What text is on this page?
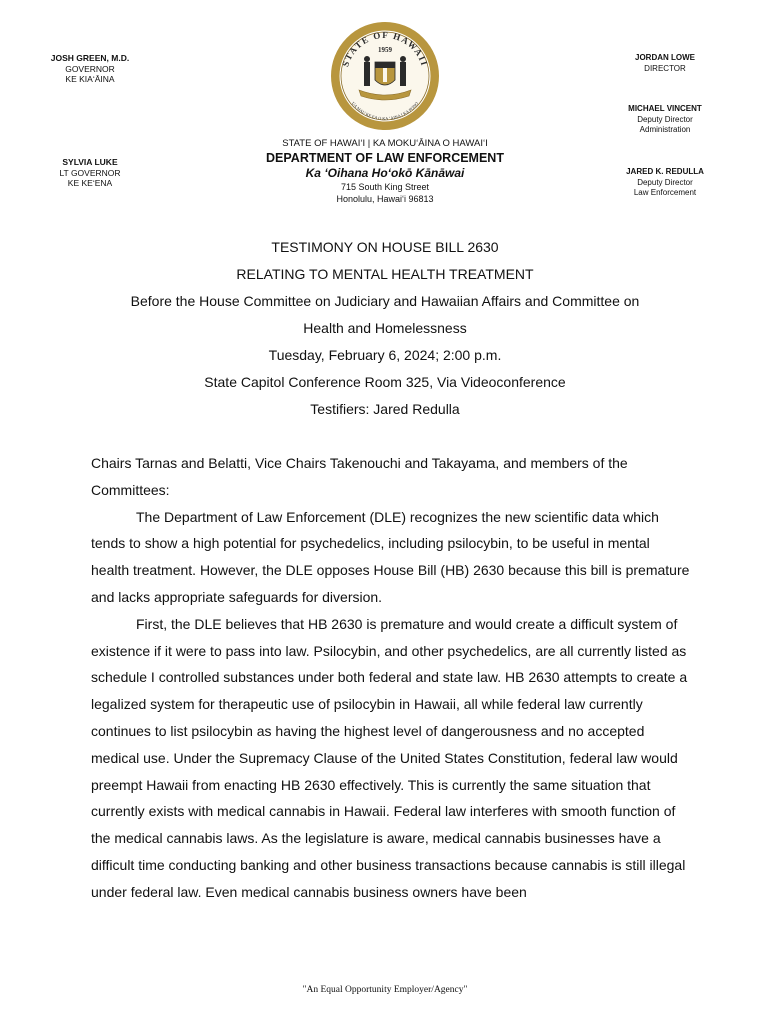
JOSH GREEN, M.D.
GOVERNOR
KE KIAʻĀINA
SYLVIA LUKE
LT GOVERNOR
KE KEʻENA
JORDAN LOWE
DIRECTOR
MICHAEL VINCENT
Deputy Director
Administration
JARED K. REDULLA
Deputy Director
Law Enforcement
STATE OF HAWAII
1959
UA MAU KE EA O KA ʻAINA I KA PONO
STATE OF HAWAIʻI | KA MOKUʻĀINA O HAWAIʻI
DEPARTMENT OF LAW ENFORCEMENT
Ka ʻOihana Hoʻokō Kānāwai
715 South King Street
Honolulu, Hawaiʻi 96813
TESTIMONY ON HOUSE BILL 2630
RELATING TO MENTAL HEALTH TREATMENT
Before the House Committee on Judiciary and Hawaiian Affairs and Committee on
Health and Homelessness
Tuesday, February 6, 2024; 2:00 p.m.
State Capitol Conference Room 325, Via Videoconference
Testifiers: Jared Redulla

Chairs Tarnas and Belatti, Vice Chairs Takenouchi and Takayama, and members of the Committees:

The Department of Law Enforcement (DLE) recognizes the new scientific data which tends to show a high potential for psychedelics, including psilocybin, to be useful in mental health treatment. However, the DLE opposes House Bill (HB) 2630 because this bill is premature and lacks appropriate safeguards for diversion.

First, the DLE believes that HB 2630 is premature and would create a difficult system of existence if it were to pass into law. Psilocybin, and other psychedelics, are all currently listed as schedule I controlled substances under both federal and state law. HB 2630 attempts to create a legalized system for therapeutic use of psilocybin in Hawaii, all while federal law currently continues to list psilocybin as having the highest level of dangerousness and no accepted medical use. Under the Supremacy Clause of the United States Constitution, federal law would preempt Hawaii from enacting HB 2630 effectively. This is currently the same situation that currently exists with medical cannabis in Hawaii. Federal law interferes with smooth function of the medical cannabis laws. As the legislature is aware, medical cannabis businesses have a difficult time conducting banking and other business transactions because cannabis is still illegal under federal law. Even medical cannabis business owners have been

"An Equal Opportunity Employer/Agency"
